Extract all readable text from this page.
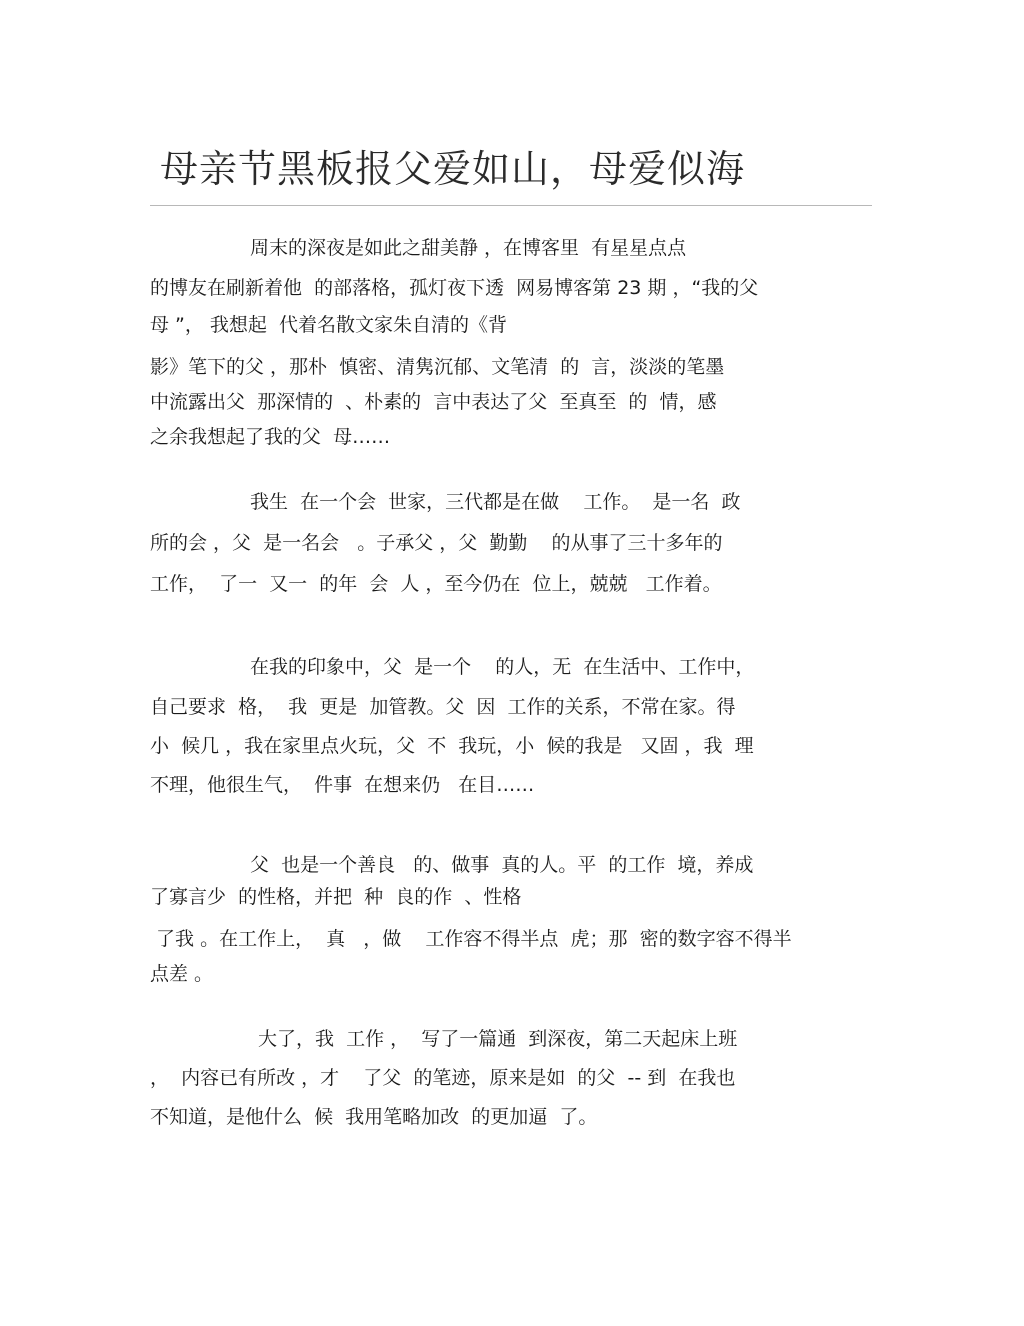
母亲节黑板报父爱如山，母爱似海
周末的深夜是如此之甜美静 ，在博客里  有星星点点
的博友在刷新着他  的部落格，孤灯夜下透  网易博客第 23 期 ，“我的父
母 ”， 我想起  代着名散文家朱自清的《背
影》笔下的父 ，那朴  慎密、清隽沉郁、文笔清  的  言，淡淡的笔墨
中流露出父  那深情的  、朴素的  言中表达了父  至真至  的  情，感
之余我想起了我的父  母……
我生  在一个会  世家，三代都是在做    工作。  是一名  政
所的会 ，父  是一名会   。子承父 ，父  勤勤    的从事了三十多年的
工作，  了一  又一  的年  会  人 ，至今仍在  位上，兢兢   工作着。
在我的印象中，父  是一个    的人，无  在生活中、工作中，
自己要求  格，  我  更是  加管教。父  因  工作的关系，不常在家。得
小  候几 ，我在家里点火玩，父  不  我玩，小  候的我是   又固 ，我  理
不理，他很生气，  件事  在想来仍   在目……
父  也是一个善良   的、做事  真的人。平  的工作  境，养成
了寡言少  的性格，并把  种  良的作  、性格
了我 。在工作上，  真   ，做    工作容不得半点  虎；那  密的数字容不得半
点差 。
大了，我  工作 ，  写了一篇通  到深夜，第二天起床上班
，  内容已有所改 ，才    了父  的笔迹，原来是如  的父  -- 到  在我也
不知道，是他什么  候  我用笔略加改  的更加逼  了。
